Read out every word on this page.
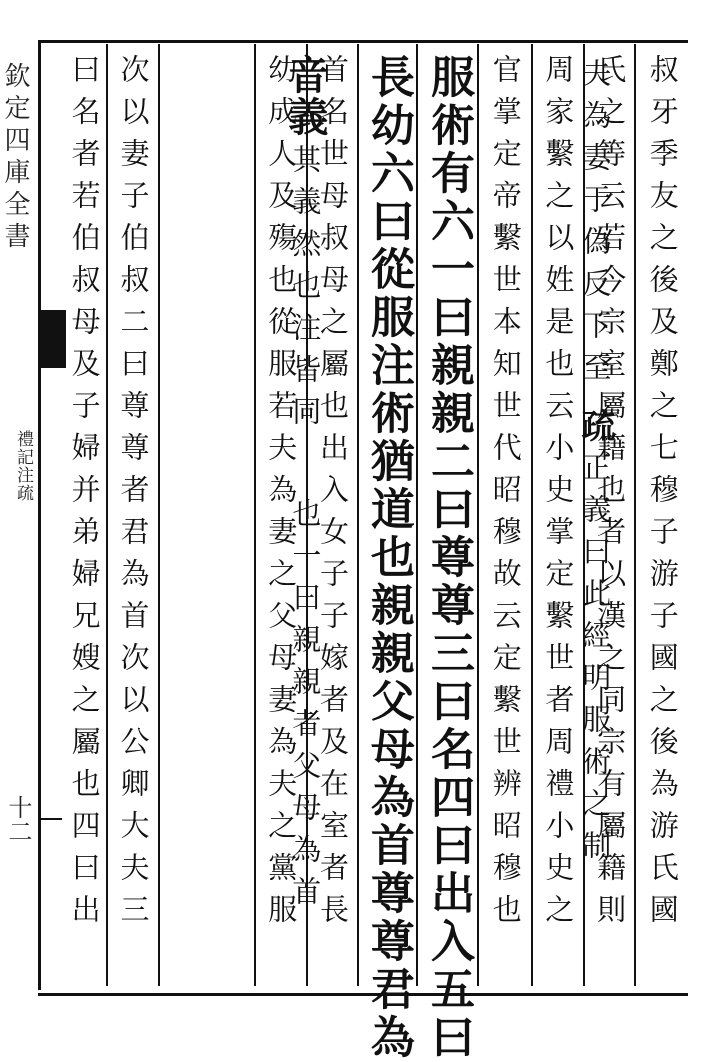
欽定四庫全書
禮記注疏
十二	叔牙季友之後及鄭之七穆子游子國之後為游氏國
氏之等云若今宗室屬籍也者以漢之同宗有屬籍則
周家繫之以姓是也云小史掌定繫世者周禮小史之
官掌定帝繫世本知世代昭穆故云定繫世辨昭穆也
服術有六一曰親親二曰尊尊三曰名四曰出入五曰
長幼六曰從服注術猶道也親親父母為首尊尊君為
首名世母叔母之屬也出入女子子嫁者及在室者長
幼成人及殤也從服若夫為妻之父母妻為夫之黨服	夫為妻于偽反下至
疏
正義曰此經明服術之制
音義
其義然也注皆同
也一曰親親者父母為首
次以妻子伯叔二曰尊尊者君為首次以公卿大夫三
曰名者若伯叔母及子婦并弟婦兄嫂之屬也四曰出
